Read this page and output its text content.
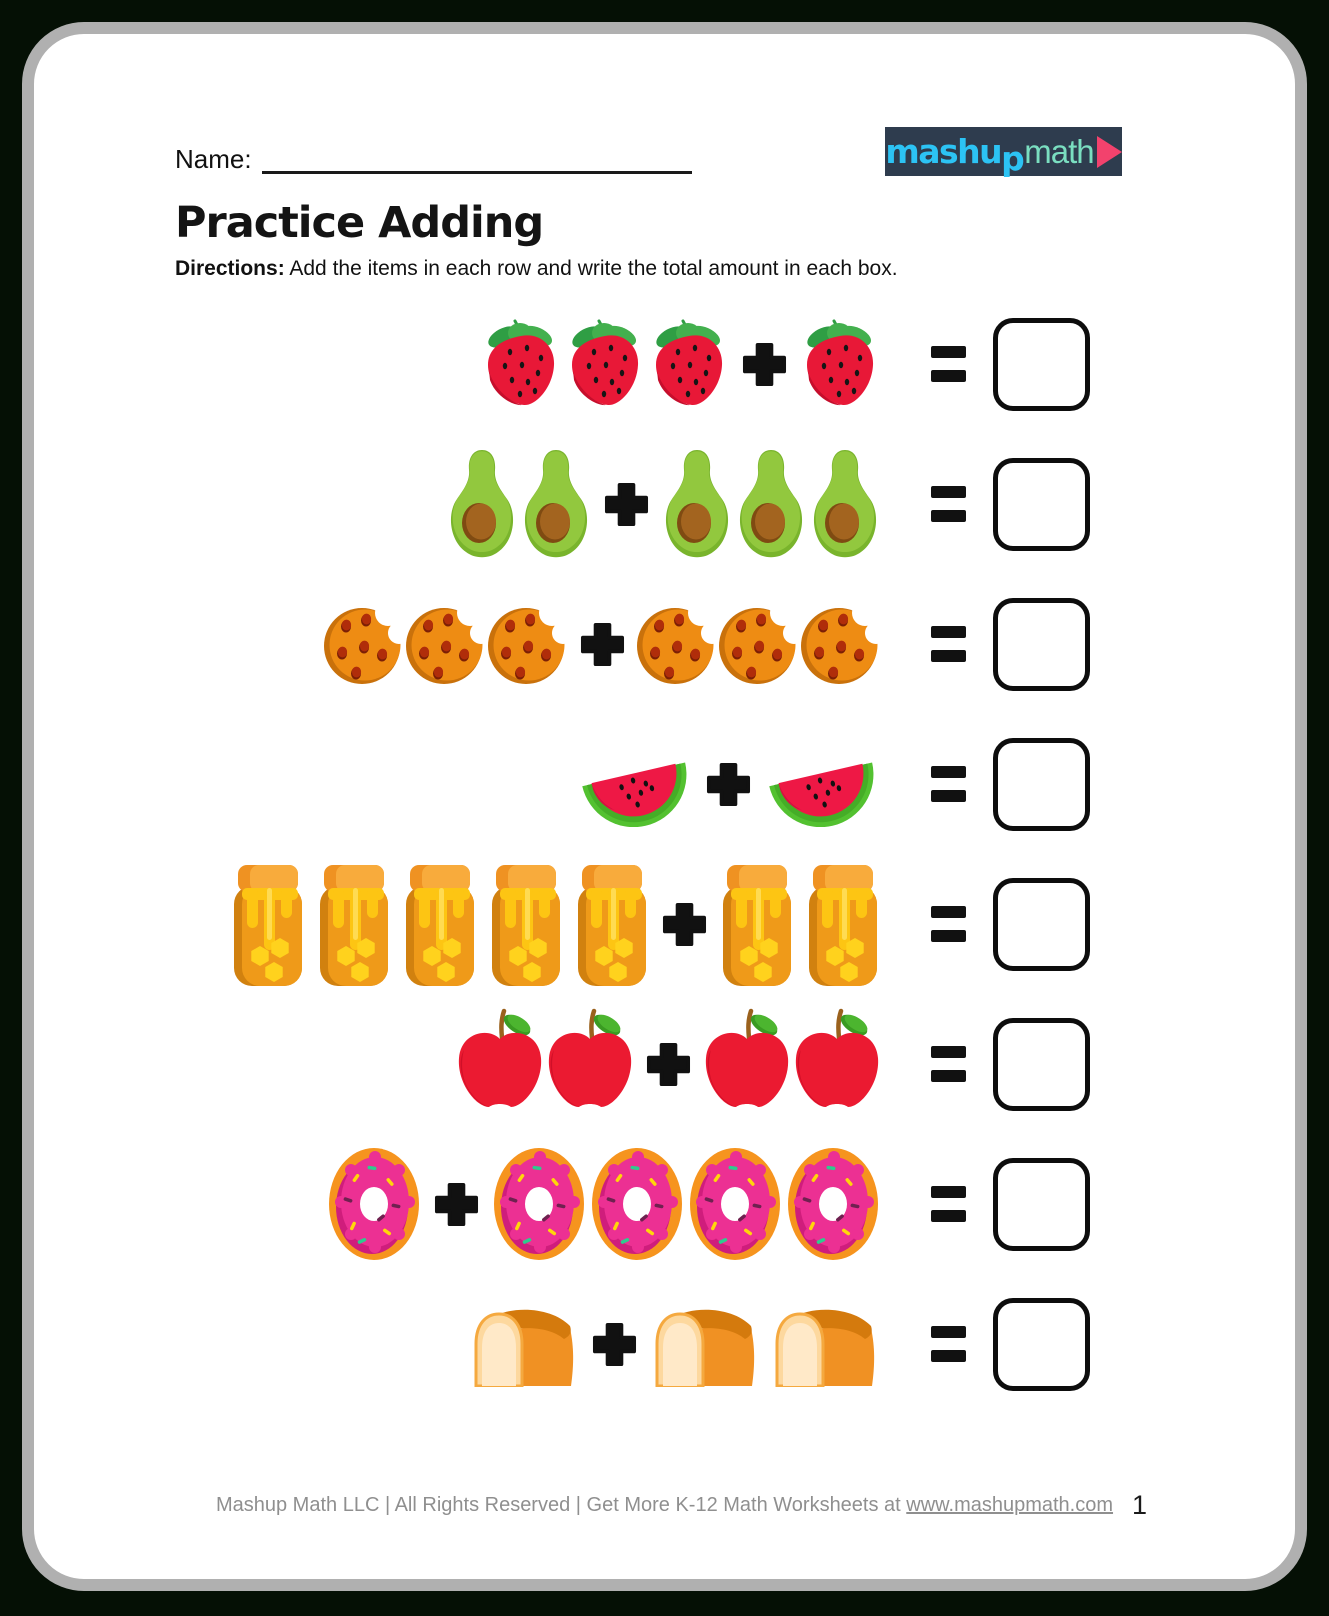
Name:	mashup math
Practice Adding

Directions: Add the items in each row and write the total amount in each box.

Mashup Math LLC | All Rights Reserved | Get More K-12 Math Worksheets at www.mashupmath.com 1
